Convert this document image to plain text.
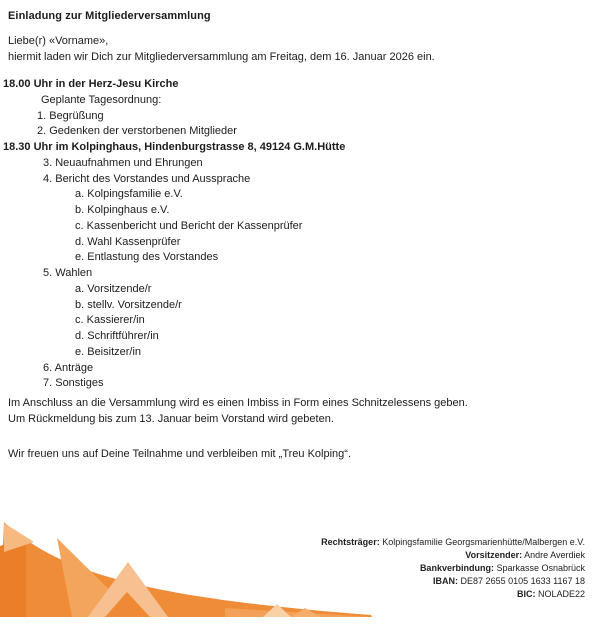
Einladung zur Mitgliederversammlung
Liebe(r) «Vorname»,
hiermit laden wir Dich zur Mitgliederversammlung am Freitag, dem 16. Januar 2026 ein.
18.00 Uhr in der Herz-Jesu Kirche
Geplante Tagesordnung:
1. Begrüßung
2. Gedenken der verstorbenen Mitglieder
18.30 Uhr im Kolpinghaus, Hindenburgstrasse 8, 49124 G.M.Hütte
3. Neuaufnahmen und Ehrungen
4. Bericht des Vorstandes und Aussprache
a. Kolpingsfamilie e.V.
b. Kolpinghaus e.V.
c. Kassenbericht und Bericht der Kassenprüfer
d. Wahl Kassenprüfer
e. Entlastung des Vorstandes
5. Wahlen
a. Vorsitzende/r
b. stellv. Vorsitzende/r
c. Kassierer/in
d. Schriftführer/in
e. Beisitzer/in
6. Anträge
7. Sonstiges
Im Anschluss an die Versammlung wird es einen Imbiss in Form eines Schnitzelessens geben.
Um Rückmeldung bis zum 13. Januar beim Vorstand wird gebeten.
Wir freuen uns auf Deine Teilnahme und verbleiben mit „Treu Kolping“.
Rechtsträger: Kolpingsfamilie Georgsmarienhütte/Malbergen e.V.
Vorsitzender: Andre Averdiek
Bankverbindung: Sparkasse Osnabrück
IBAN: DE87 2655 0105 1633 1167 18
BIC: NOLADE22
